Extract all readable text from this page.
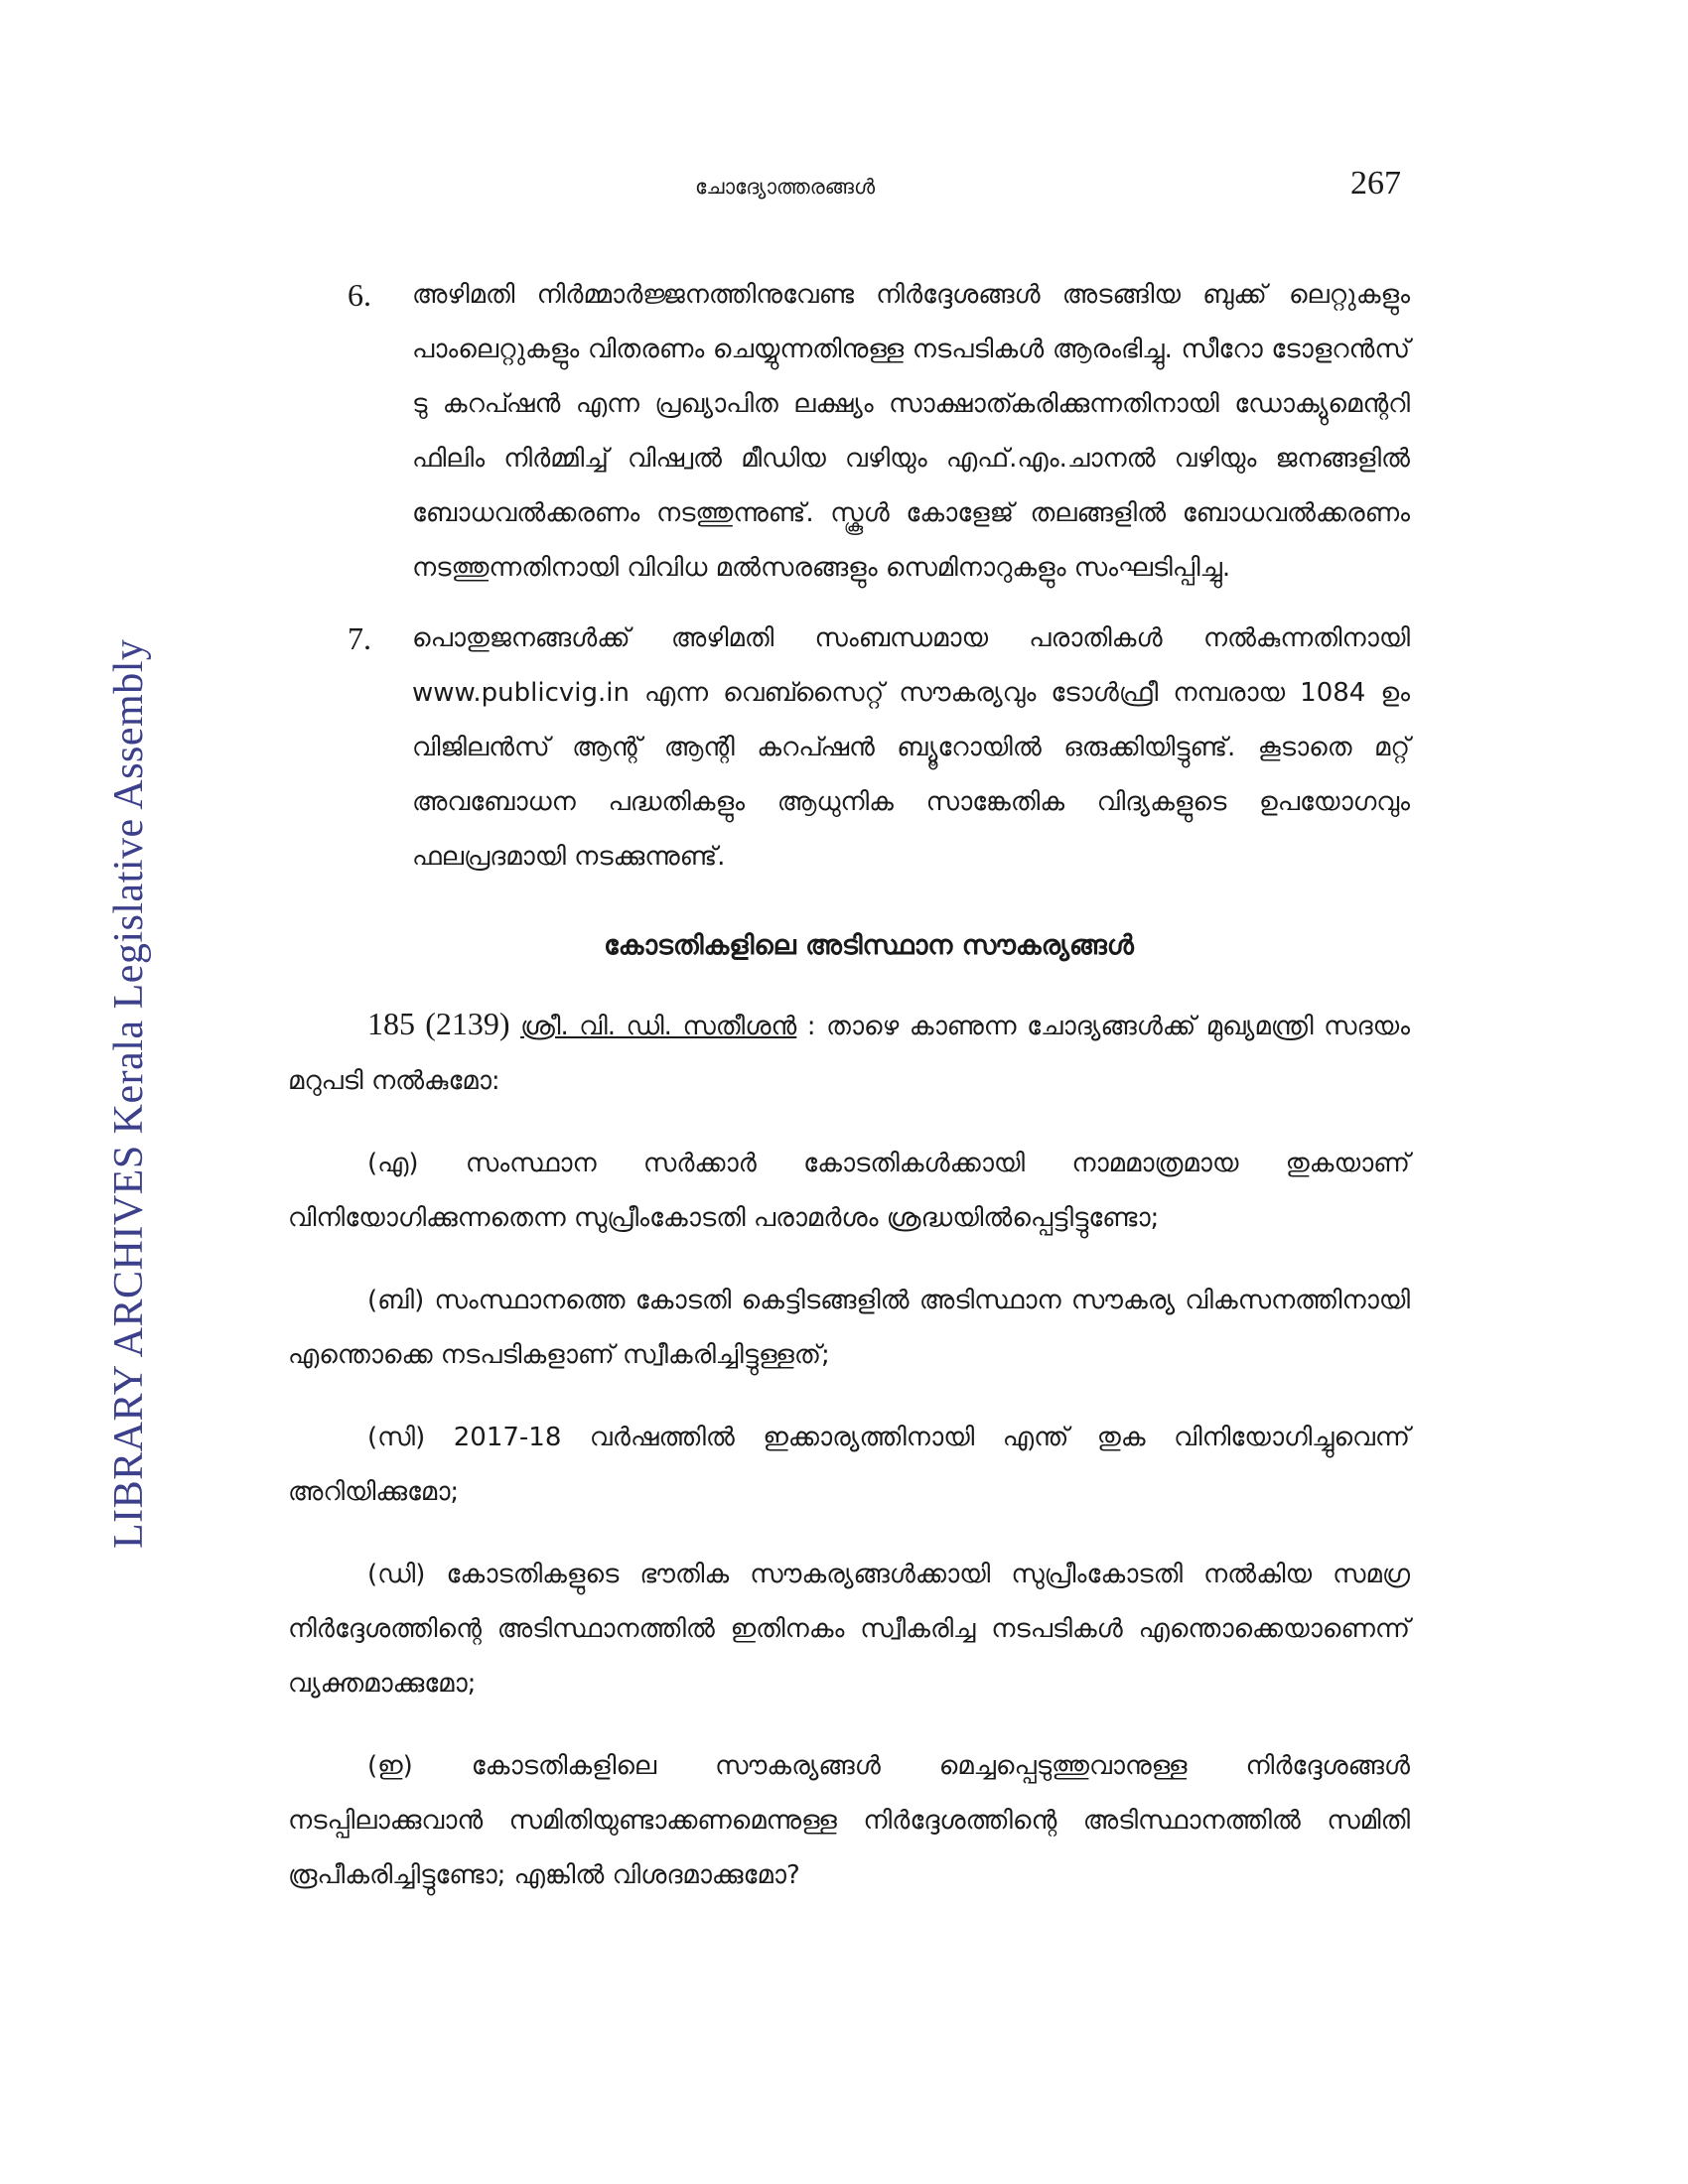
LIBRARY ARCHIVES Kerala Legislative Assembly
ചോദ്യോത്തരങ്ങൾ	267
6. അഴിമതി നിർമ്മാർജ്ജനത്തിനുവേണ്ട നിർദ്ദേശങ്ങൾ അടങ്ങിയ ബുക്ക് ലെറ്റുകളും പാംലെറ്റുകളും വിതരണം ചെയ്യുന്നതിനുള്ള നടപടികൾ ആരംഭിച്ചു. സീറോ ടോളറൻസ് ടു കറപ്ഷൻ എന്ന പ്രഖ്യാപിത ലക്ഷ്യം സാക്ഷാത്കരിക്കുന്നതിനായി ഡോക്യുമെന്ററി ഫിലിം നിർമ്മിച്ച് വിഷ്വൽ മീഡിയ വഴിയും എഫ്.എം.ചാനൽ വഴിയും ജനങ്ങളിൽ ബോധവൽക്കരണം നടത്തുന്നുണ്ട്. സ്കൂൾ കോളേജ് തലങ്ങളിൽ ബോധവൽക്കരണം നടത്തുന്നതിനായി വിവിധ മൽസരങ്ങളും സെമിനാറുകളും സംഘടിപ്പിച്ചു.
7. പൊതുജനങ്ങൾക്ക് അഴിമതി സംബന്ധമായ പരാതികൾ നൽകുന്നതിനായി www.publicvig.in എന്ന വെബ്സൈറ്റ് സൗകര്യവും ടോൾഫ്രീ നമ്പരായ 1084 ഉം വിജിലൻസ് ആന്റ് ആന്റി കറപ്ഷൻ ബ്യൂറോയിൽ ഒരുക്കിയിട്ടുണ്ട്. കൂടാതെ മറ്റ് അവബോധന പദ്ധതികളും ആധുനിക സാങ്കേതിക വിദ്യകളുടെ ഉപയോഗവും ഫലപ്രദമായി നടക്കുന്നുണ്ട്.
കോടതികളിലെ അടിസ്ഥാന സൗകര്യങ്ങൾ
185 (2139) ശ്രീ. വി. ഡി. സതീശൻ : താഴെ കാണുന്ന ചോദ്യങ്ങൾക്ക് മുഖ്യമന്ത്രി സദയം മറുപടി നൽകുമോ:
(എ) സംസ്ഥാന സർക്കാർ കോടതികൾക്കായി നാമമാത്രമായ തുകയാണ് വിനിയോഗിക്കുന്നതെന്ന സുപ്രീംകോടതി പരാമർശം ശ്രദ്ധയിൽപ്പെട്ടിട്ടുണ്ടോ;
(ബി) സംസ്ഥാനത്തെ കോടതി കെട്ടിടങ്ങളിൽ അടിസ്ഥാന സൗകര്യ വികസനത്തിനായി എന്തൊക്കെ നടപടികളാണ് സ്വീകരിച്ചിട്ടുള്ളത്;
(സി) 2017-18 വർഷത്തിൽ ഇക്കാര്യത്തിനായി എന്ത് തുക വിനിയോഗിച്ചുവെന്ന് അറിയിക്കുമോ;
(ഡി) കോടതികളുടെ ഭൗതിക സൗകര്യങ്ങൾക്കായി സുപ്രീംകോടതി നൽകിയ സമഗ്ര നിർദ്ദേശത്തിന്റെ അടിസ്ഥാനത്തിൽ ഇതിനകം സ്വീകരിച്ച നടപടികൾ എന്തൊക്കെയാണെന്ന് വ്യക്തമാക്കുമോ;
(ഇ) കോടതികളിലെ സൗകര്യങ്ങൾ മെച്ചപ്പെടുത്തുവാനുള്ള നിർദ്ദേശങ്ങൾ നടപ്പിലാക്കുവാൻ സമിതിയുണ്ടാക്കണമെന്നുള്ള നിർദ്ദേശത്തിന്റെ അടിസ്ഥാനത്തിൽ സമിതി രൂപീകരിച്ചിട്ടുണ്ടോ; എങ്കിൽ വിശദമാക്കുമോ?
